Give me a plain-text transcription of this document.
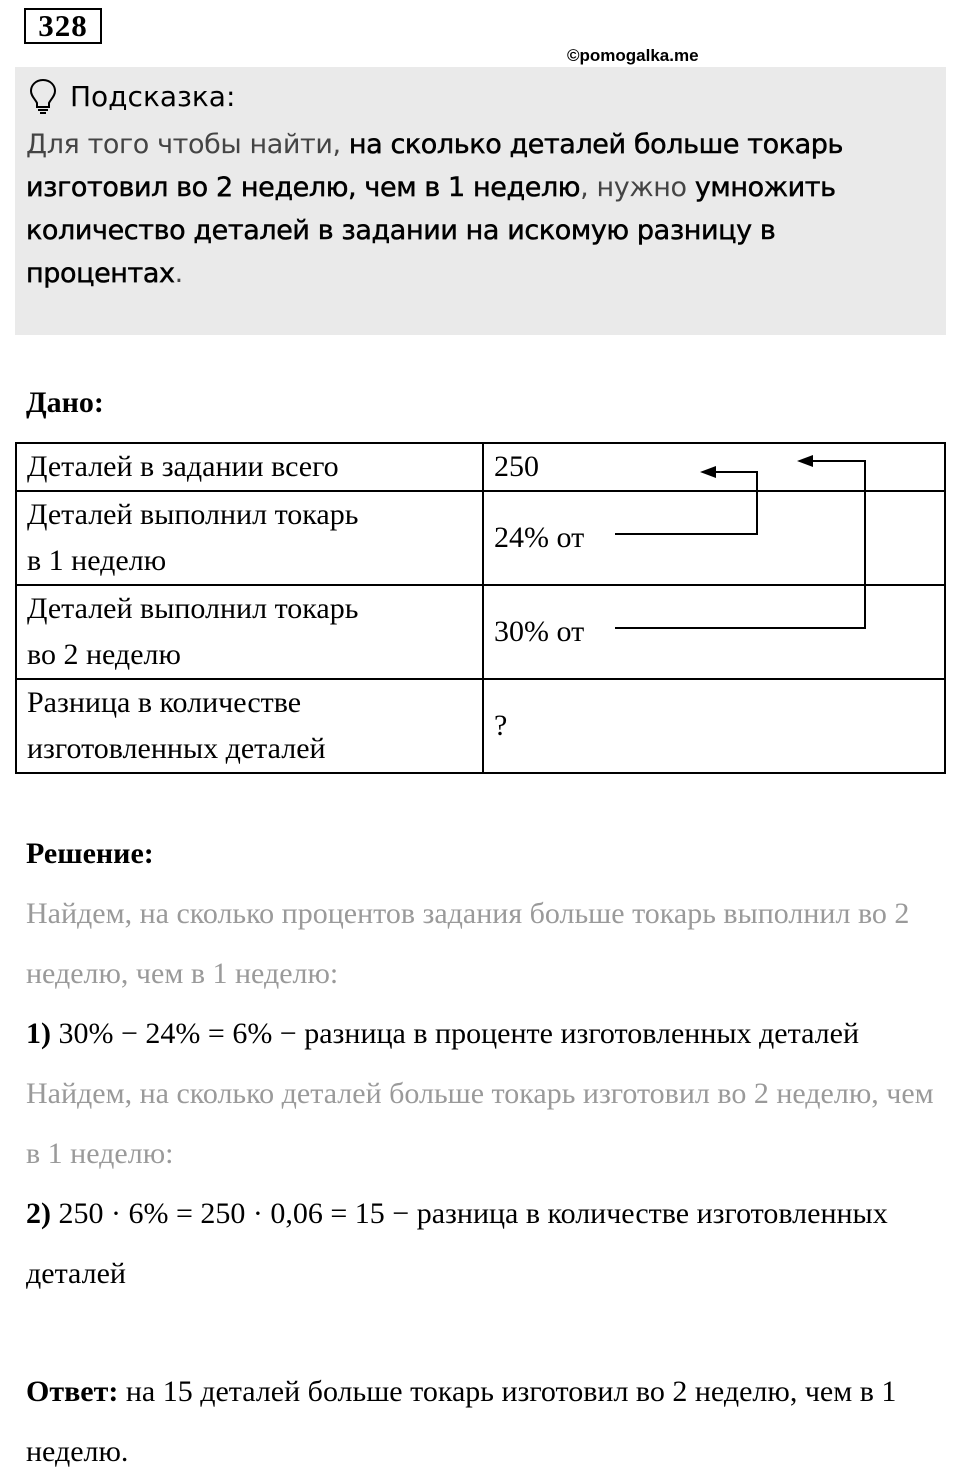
328
©pomogalka.me
Подсказка:
Для того чтобы найти, на сколько деталей больше токарь изготовил во 2 неделю, чем в 1 неделю, нужно умножить количество деталей в задании на искомую разницу в процентах.
Дано:
Деталей в задании всего	250
Деталей выполнил токарь
в 1 неделю	24% от
Деталей выполнил токарь
во 2 неделю	30% от
Разница в количестве
изготовленных деталей	?
Решение:
Найдем, на сколько процентов задания больше токарь выполнил во 2 неделю, чем в 1 неделю:
1) 30% − 24% = 6% − разница в проценте изготовленных деталей
Найдем, на сколько деталей больше токарь изготовил во 2 неделю, чем в 1 неделю:
2) 250 · 6% = 250 · 0,06 = 15 − разница в количестве изготовленных деталей
Ответ: на 15 деталей больше токарь изготовил во 2 неделю, чем в 1 неделю.
